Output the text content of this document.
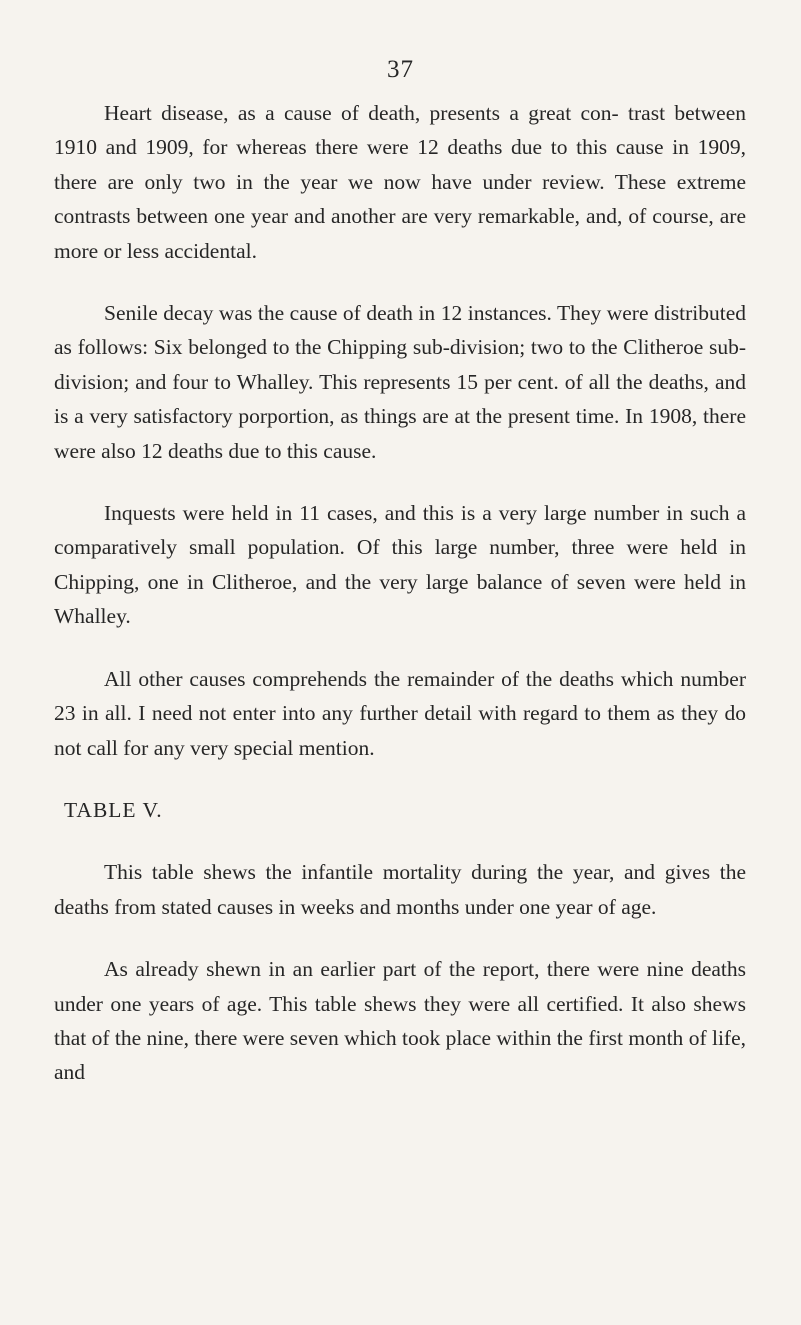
37

Heart disease, as a cause of death, presents a great con- trast between 1910 and 1909, for whereas there were 12 deaths due to this cause in 1909, there are only two in the year we now have under review. These extreme contrasts between one year and another are very remarkable, and, of course, are more or less accidental.

Senile decay was the cause of death in 12 instances. They were distributed as follows: Six belonged to the Chipping sub-division; two to the Clitheroe sub-division; and four to Whalley. This represents 15 per cent. of all the deaths, and is a very satisfactory porportion, as things are at the present time. In 1908, there were also 12 deaths due to this cause.

Inquests were held in 11 cases, and this is a very large number in such a comparatively small population. Of this large number, three were held in Chipping, one in Clitheroe, and the very large balance of seven were held in Whalley.

All other causes comprehends the remainder of the deaths which number 23 in all. I need not enter into any further detail with regard to them as they do not call for any very special mention.

TABLE V.

This table shews the infantile mortality during the year, and gives the deaths from stated causes in weeks and months under one year of age.

As already shewn in an earlier part of the report, there were nine deaths under one years of age. This table shews they were all certified. It also shews that of the nine, there were seven which took place within the first month of life, and
